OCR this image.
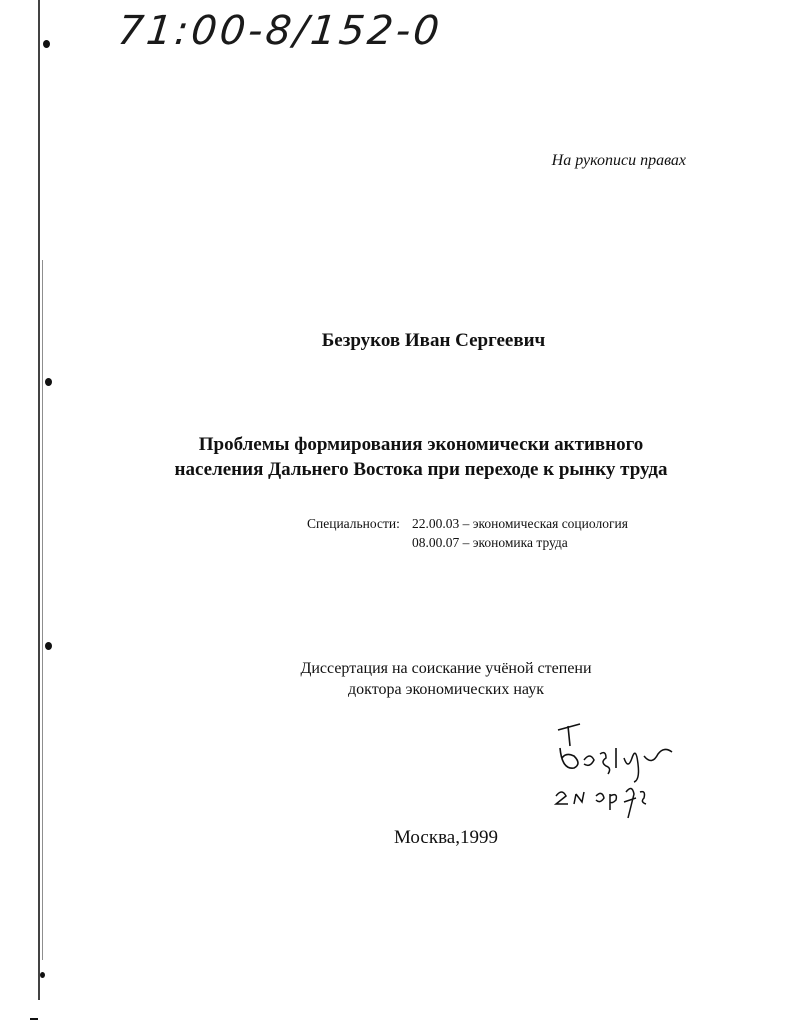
71:00-8/152-0
На рукописи правах
Безруков Иван Сергеевич
Проблемы формирования экономически активного
населения Дальнего Востока при переходе к рынку труда
Специальности: 22.00.03 – экономическая социология
08.00.07 – экономика труда
Диссертация на соискание учёной степени
доктора экономических наук
Москва,1999
